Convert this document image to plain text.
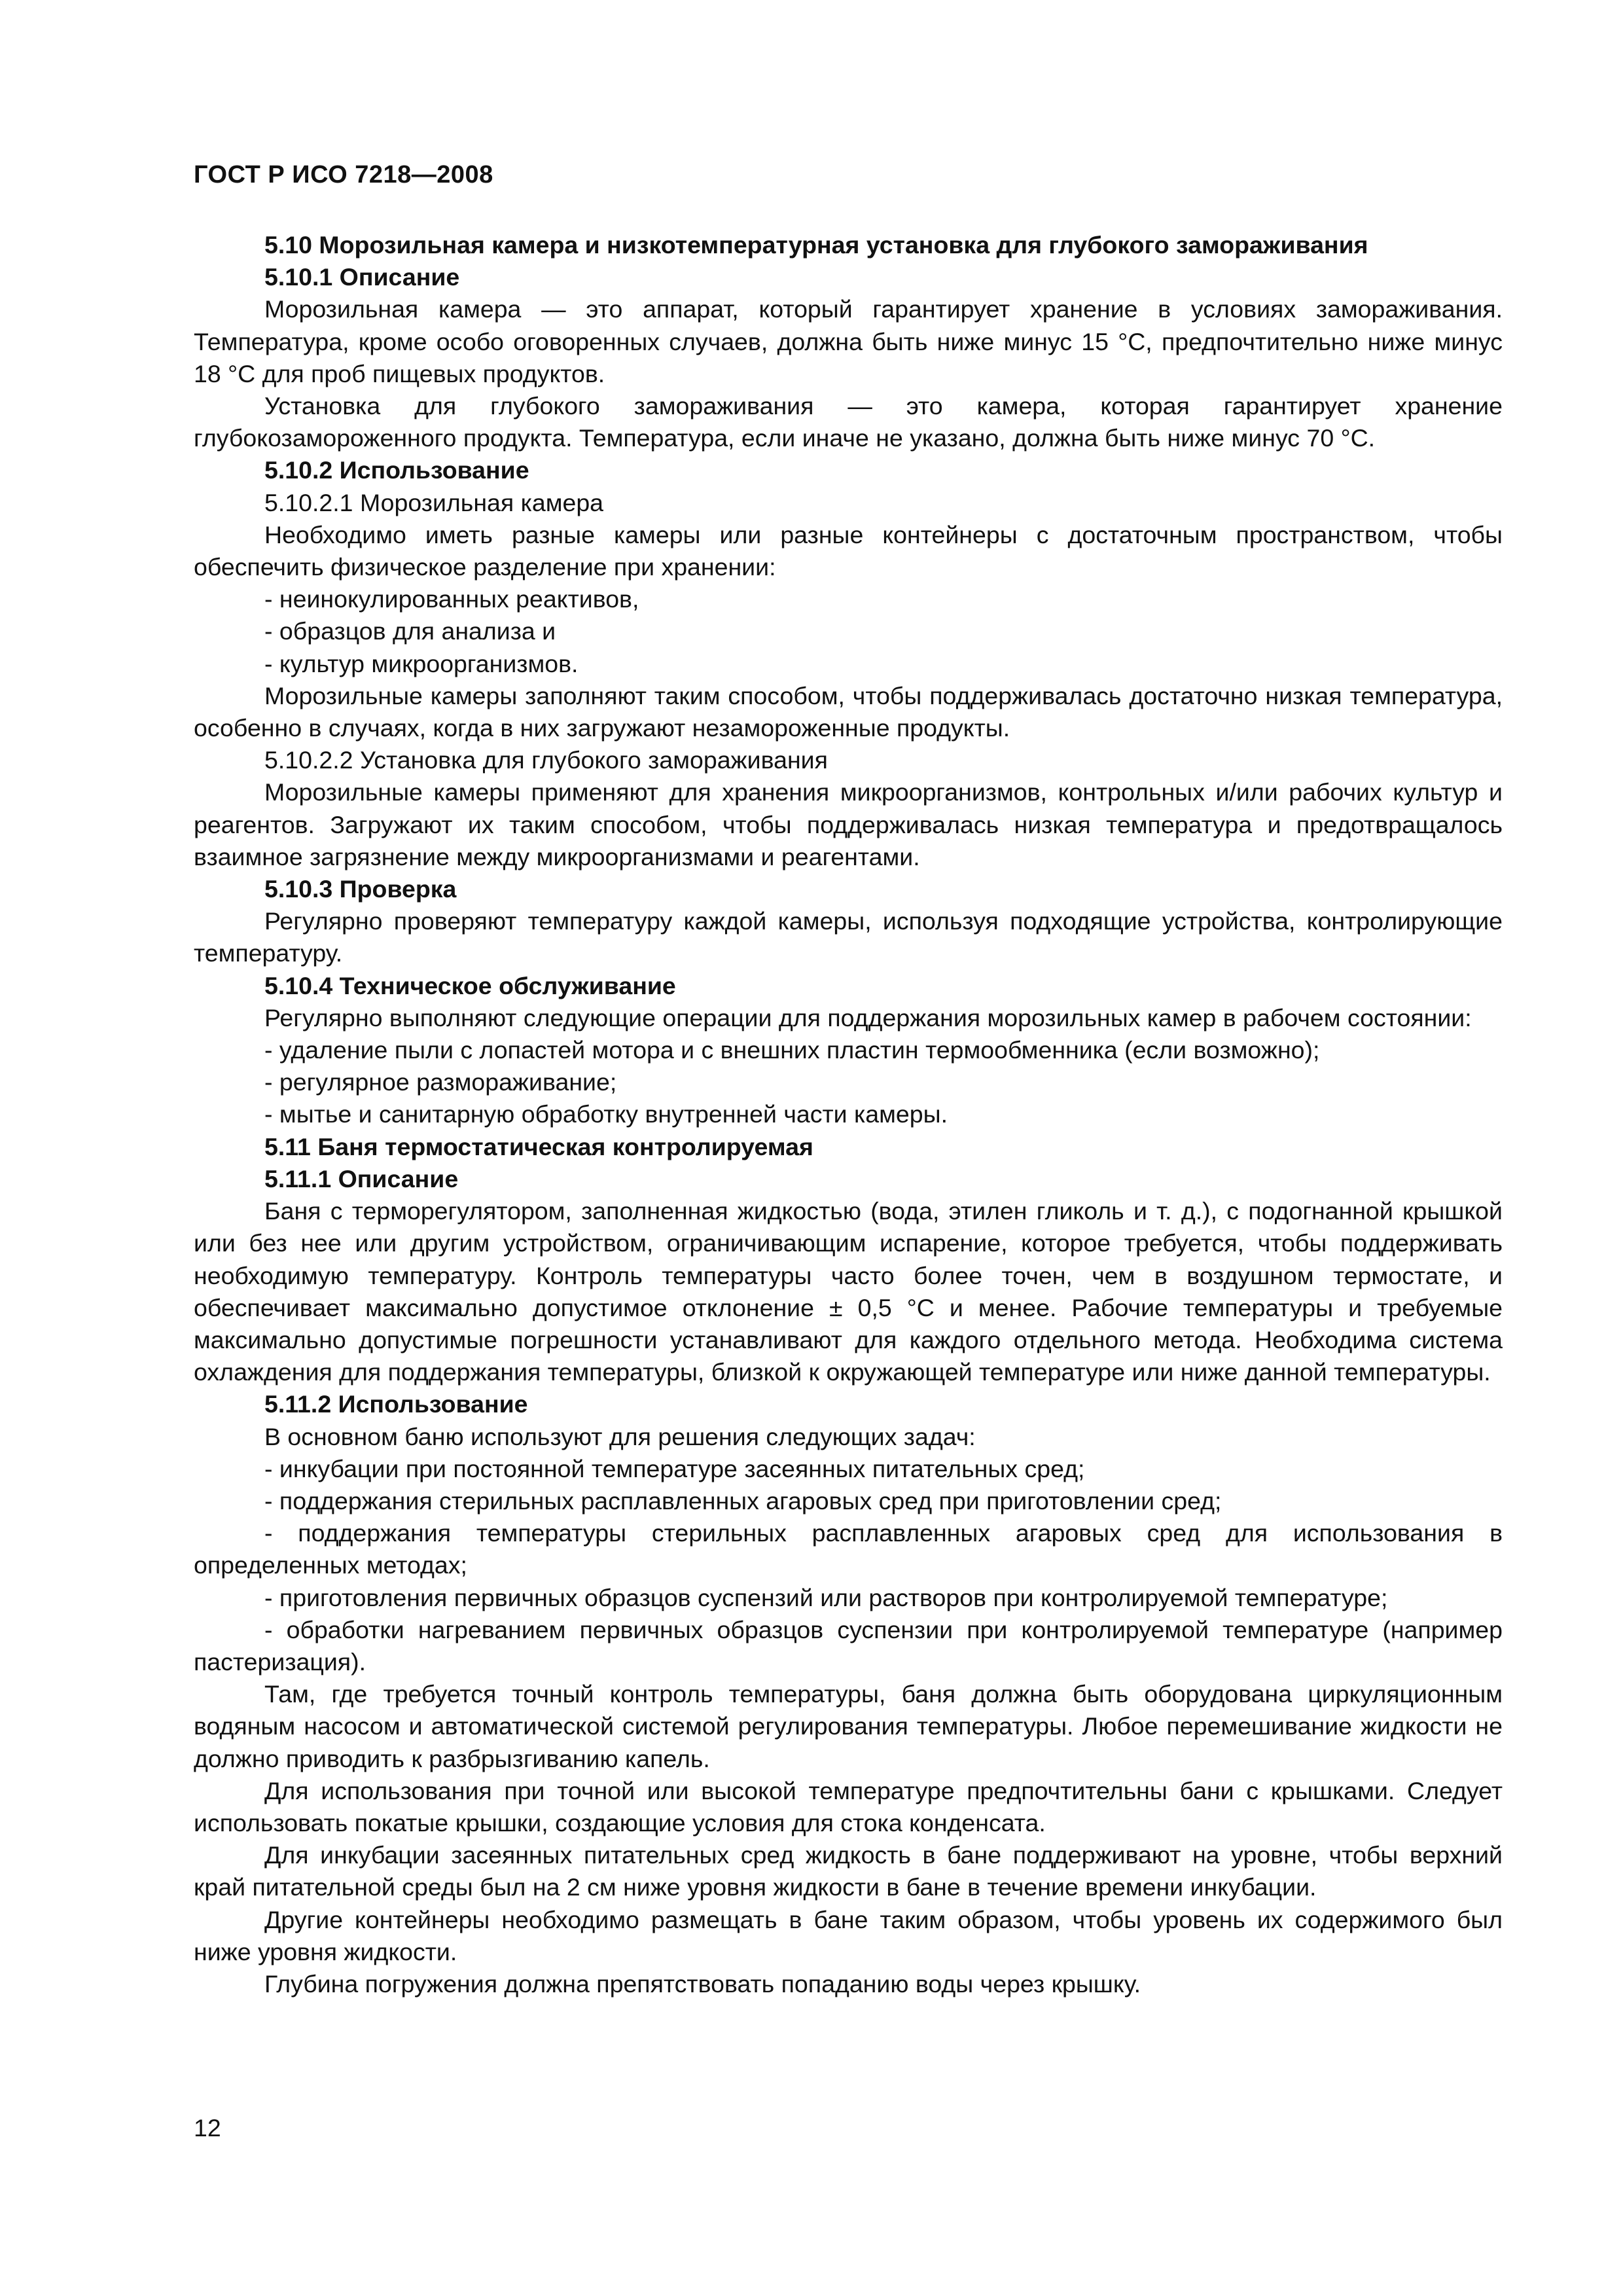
ГОСТ Р ИСО 7218—2008

5.10 Морозильная камера и низкотемпературная установка для глубокого замораживания

5.10.1 Описание

Морозильная камера — это аппарат, который гарантирует хранение в условиях замораживания. Температура, кроме особо оговоренных случаев, должна быть ниже минус 15 °С, предпочтительно ниже минус 18 °С для проб пищевых продуктов.

Установка для глубокого замораживания — это камера, которая гарантирует хранение глубокозамороженного продукта. Температура, если иначе не указано, должна быть ниже минус 70 °С.

5.10.2 Использование

5.10.2.1 Морозильная камера

Необходимо иметь разные камеры или разные контейнеры с достаточным пространством, чтобы обеспечить физическое разделение при хранении:

- неинокулированных реактивов,

- образцов для анализа и

- культур микроорганизмов.

Морозильные камеры заполняют таким способом, чтобы поддерживалась достаточно низкая температура, особенно в случаях, когда в них загружают незамороженные продукты.

5.10.2.2 Установка для глубокого замораживания

Морозильные камеры применяют для хранения микроорганизмов, контрольных и/или рабочих культур и реагентов. Загружают их таким способом, чтобы поддерживалась низкая температура и предотвращалось взаимное загрязнение между микроорганизмами и реагентами.

5.10.3 Проверка

Регулярно проверяют температуру каждой камеры, используя подходящие устройства, контролирующие температуру.

5.10.4 Техническое обслуживание

Регулярно выполняют следующие операции для поддержания морозильных камер в рабочем состоянии:

- удаление пыли с лопастей мотора и с внешних пластин термообменника (если возможно);

- регулярное размораживание;

- мытье и санитарную обработку внутренней части камеры.

5.11 Баня термостатическая контролируемая

5.11.1 Описание

Баня с терморегулятором, заполненная жидкостью (вода, этилен гликоль и т. д.), с подогнанной крышкой или без нее или другим устройством, ограничивающим испарение, которое требуется, чтобы поддерживать необходимую температуру. Контроль температуры часто более точен, чем в воздушном термостате, и обеспечивает максимально допустимое отклонение ± 0,5 °С и менее. Рабочие температуры и требуемые максимально допустимые погрешности устанавливают для каждого отдельного метода. Необходима система охлаждения для поддержания температуры, близкой к окружающей температуре или ниже данной температуры.

5.11.2 Использование

В основном баню используют для решения следующих задач:

- инкубации при постоянной температуре засеянных питательных сред;

- поддержания стерильных расплавленных агаровых сред при приготовлении сред;

- поддержания температуры стерильных расплавленных агаровых сред для использования в определенных методах;

- приготовления первичных образцов суспензий или растворов при контролируемой температуре;

- обработки нагреванием первичных образцов суспензии при контролируемой температуре (например пастеризация).

Там, где требуется точный контроль температуры, баня должна быть оборудована циркуляционным водяным насосом и автоматической системой регулирования температуры. Любое перемешивание жидкости не должно приводить к разбрызгиванию капель.

Для использования при точной или высокой температуре предпочтительны бани с крышками. Следует использовать покатые крышки, создающие условия для стока конденсата.

Для инкубации засеянных питательных сред жидкость в бане поддерживают на уровне, чтобы верхний край питательной среды был на 2 см ниже уровня жидкости в бане в течение времени инкубации.

Другие контейнеры необходимо размещать в бане таким образом, чтобы уровень их содержимого был ниже уровня жидкости.

Глубина погружения должна препятствовать попаданию воды через крышку.

12
